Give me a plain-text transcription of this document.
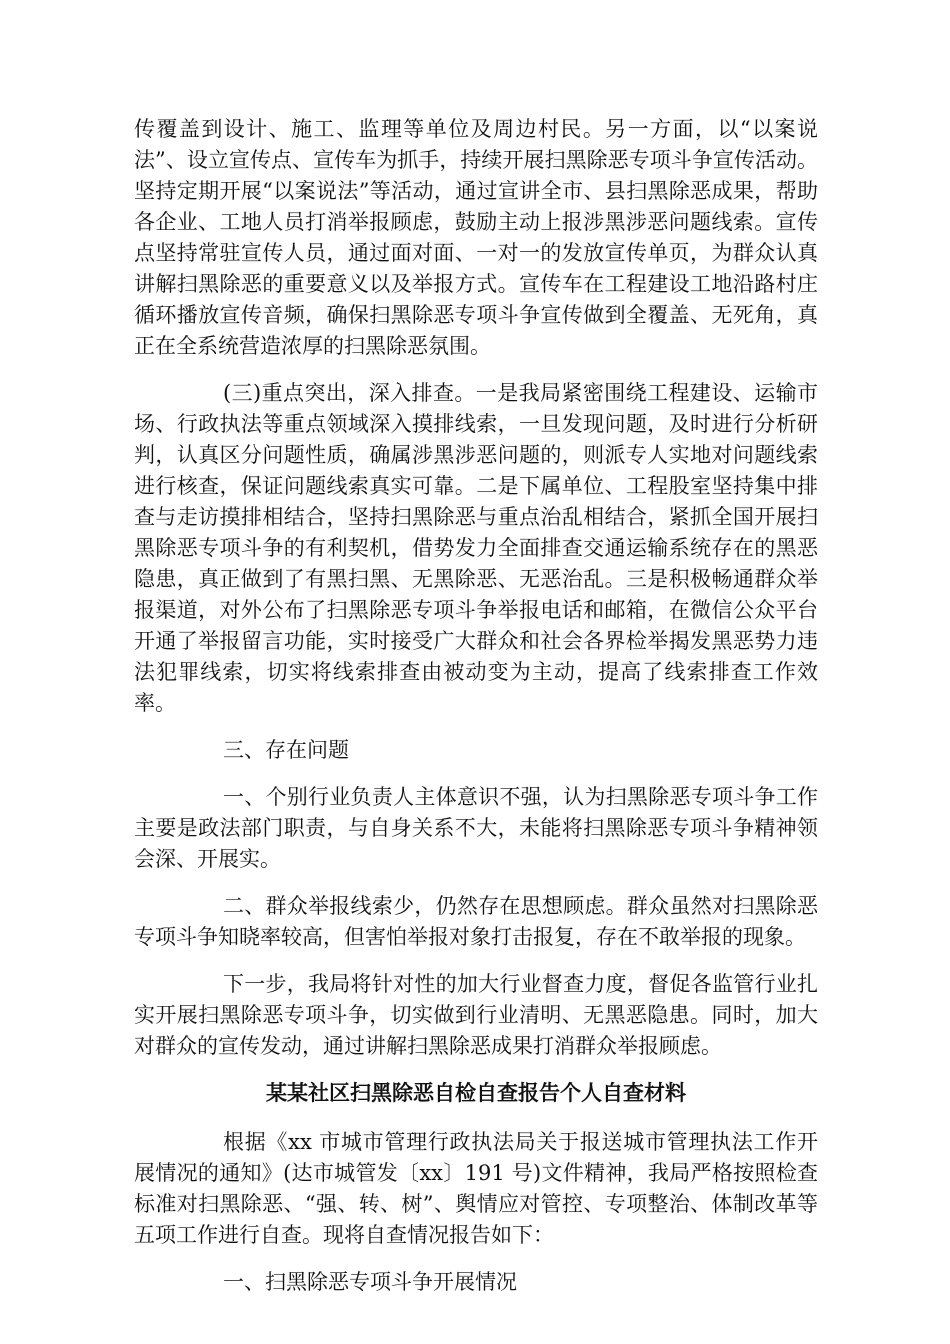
传覆盖到设计、施工、监理等单位及周边村民。另一方面，以“以案说法”、设立宣传点、宣传车为抓手，持续开展扫黑除恶专项斗争宣传活动。坚持定期开展“以案说法”等活动，通过宣讲全市、县扫黑除恶成果，帮助各企业、工地人员打消举报顾虑，鼓励主动上报涉黑涉恶问题线索。宣传点坚持常驻宣传人员，通过面对面、一对一的发放宣传单页，为群众认真讲解扫黑除恶的重要意义以及举报方式。宣传车在工程建设工地沿路村庄循环播放宣传音频，确保扫黑除恶专项斗争宣传做到全覆盖、无死角，真正在全系统营造浓厚的扫黑除恶氛围。

(三)重点突出，深入排查。一是我局紧密围绕工程建设、运输市场、行政执法等重点领域深入摸排线索，一旦发现问题，及时进行分析研判，认真区分问题性质，确属涉黑涉恶问题的，则派专人实地对问题线索进行核查，保证问题线索真实可靠。二是下属单位、工程股室坚持集中排查与走访摸排相结合，坚持扫黑除恶与重点治乱相结合，紧抓全国开展扫黑除恶专项斗争的有利契机，借势发力全面排查交通运输系统存在的黑恶隐患，真正做到了有黑扫黑、无黑除恶、无恶治乱。三是积极畅通群众举报渠道，对外公布了扫黑除恶专项斗争举报电话和邮箱，在微信公众平台开通了举报留言功能，实时接受广大群众和社会各界检举揭发黑恶势力违法犯罪线索，切实将线索排查由被动变为主动，提高了线索排查工作效率。

三、存在问题

一、个别行业负责人主体意识不强，认为扫黑除恶专项斗争工作主要是政法部门职责，与自身关系不大，未能将扫黑除恶专项斗争精神领会深、开展实。

二、群众举报线索少，仍然存在思想顾虑。群众虽然对扫黑除恶专项斗争知晓率较高，但害怕举报对象打击报复，存在不敢举报的现象。

下一步，我局将针对性的加大行业督查力度，督促各监管行业扎实开展扫黑除恶专项斗争，切实做到行业清明、无黑恶隐患。同时，加大对群众的宣传发动，通过讲解扫黑除恶成果打消群众举报顾虑。

某某社区扫黑除恶自检自查报告个人自查材料

根据《xx 市城市管理行政执法局关于报送城市管理执法工作开展情况的通知》(达市城管发〔xx〕191 号)文件精神，我局严格按照检查标准对扫黑除恶、“强、转、树”、舆情应对管控、专项整治、体制改革等五项工作进行自查。现将自查情况报告如下：

一、扫黑除恶专项斗争开展情况
